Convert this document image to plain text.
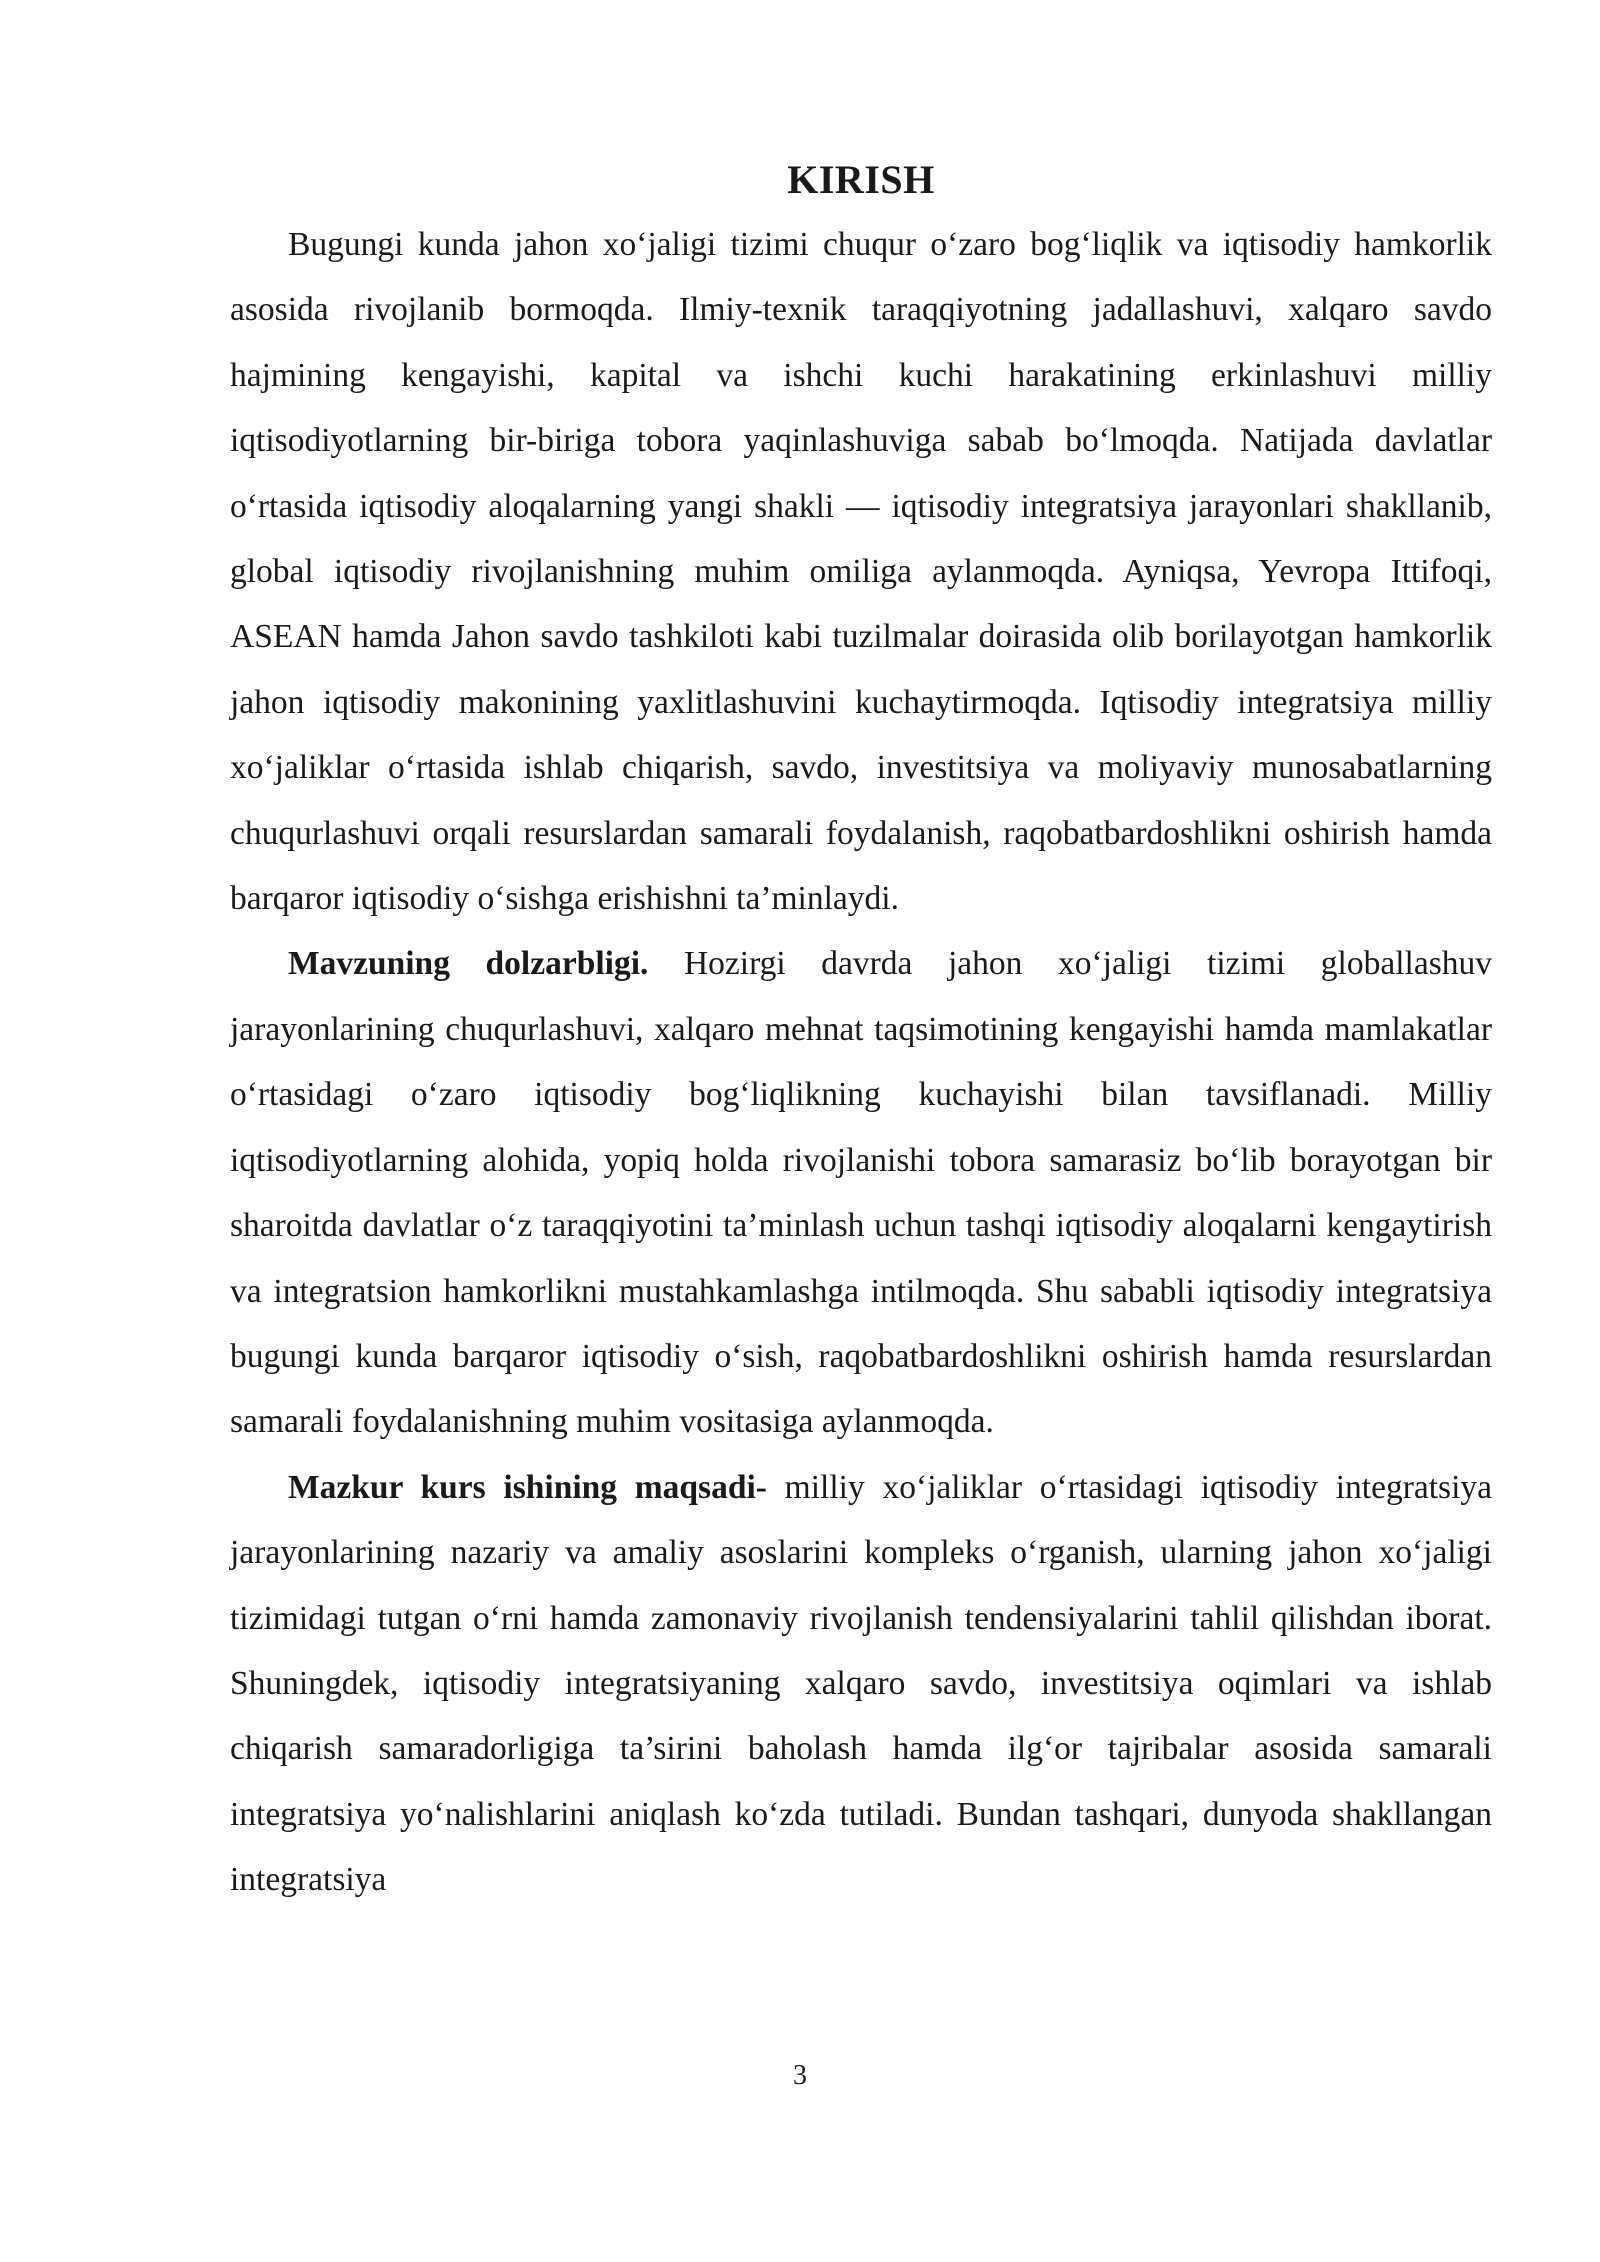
KIRISH

Bugungi kunda jahon xo‘jaligi tizimi chuqur o‘zaro bog‘liqlik va iqtisodiy hamkorlik asosida rivojlanib bormoqda. Ilmiy-texnik taraqqiyotning jadallashuvi, xalqaro savdo hajmining kengayishi, kapital va ishchi kuchi harakatining erkinlashuvi milliy iqtisodiyotlarning bir-biriga tobora yaqinlashuviga sabab bo‘lmoqda. Natijada davlatlar o‘rtasida iqtisodiy aloqalarning yangi shakli — iqtisodiy integratsiya jarayonlari shakllanib, global iqtisodiy rivojlanishning muhim omiliga aylanmoqda. Ayniqsa, Yevropa Ittifoqi, ASEAN hamda Jahon savdo tashkiloti kabi tuzilmalar doirasida olib borilayotgan hamkorlik jahon iqtisodiy makonining yaxlitlashuvini kuchaytirmoqda. Iqtisodiy integratsiya milliy xo‘jaliklar o‘rtasida ishlab chiqarish, savdo, investitsiya va moliyaviy munosabatlarning chuqurlashuvi orqali resurslardan samarali foydalanish, raqobatbardoshlikni oshirish hamda barqaror iqtisodiy o‘sishga erishishni ta’minlaydi.

Mavzuning dolzarbligi. Hozirgi davrda jahon xo‘jaligi tizimi globallashuv jarayonlarining chuqurlashuvi, xalqaro mehnat taqsimotining kengayishi hamda mamlakatlar o‘rtasidagi o‘zaro iqtisodiy bog‘liqlikning kuchayishi bilan tavsiflanadi. Milliy iqtisodiyotlarning alohida, yopiq holda rivojlanishi tobora samarasiz bo‘lib borayotgan bir sharoitda davlatlar o‘z taraqqiyotini ta’minlash uchun tashqi iqtisodiy aloqalarni kengaytirish va integratsion hamkorlikni mustahkamlashga intilmoqda. Shu sababli iqtisodiy integratsiya bugungi kunda barqaror iqtisodiy o‘sish, raqobatbardoshlikni oshirish hamda resurslardan samarali foydalanishning muhim vositasiga aylanmoqda.

Mazkur kurs ishining maqsadi- milliy xo‘jaliklar o‘rtasidagi iqtisodiy integratsiya jarayonlarining nazariy va amaliy asoslarini kompleks o‘rganish, ularning jahon xo‘jaligi tizimidagi tutgan o‘rni hamda zamonaviy rivojlanish tendensiyalarini tahlil qilishdan iborat. Shuningdek, iqtisodiy integratsiyaning xalqaro savdo, investitsiya oqimlari va ishlab chiqarish samaradorligiga ta’sirini baholash hamda ilg‘or tajribalar asosida samarali integratsiya yo‘nalishlarini aniqlash ko‘zda tutiladi. Bundan tashqari, dunyoda shakllangan integratsiya

3
